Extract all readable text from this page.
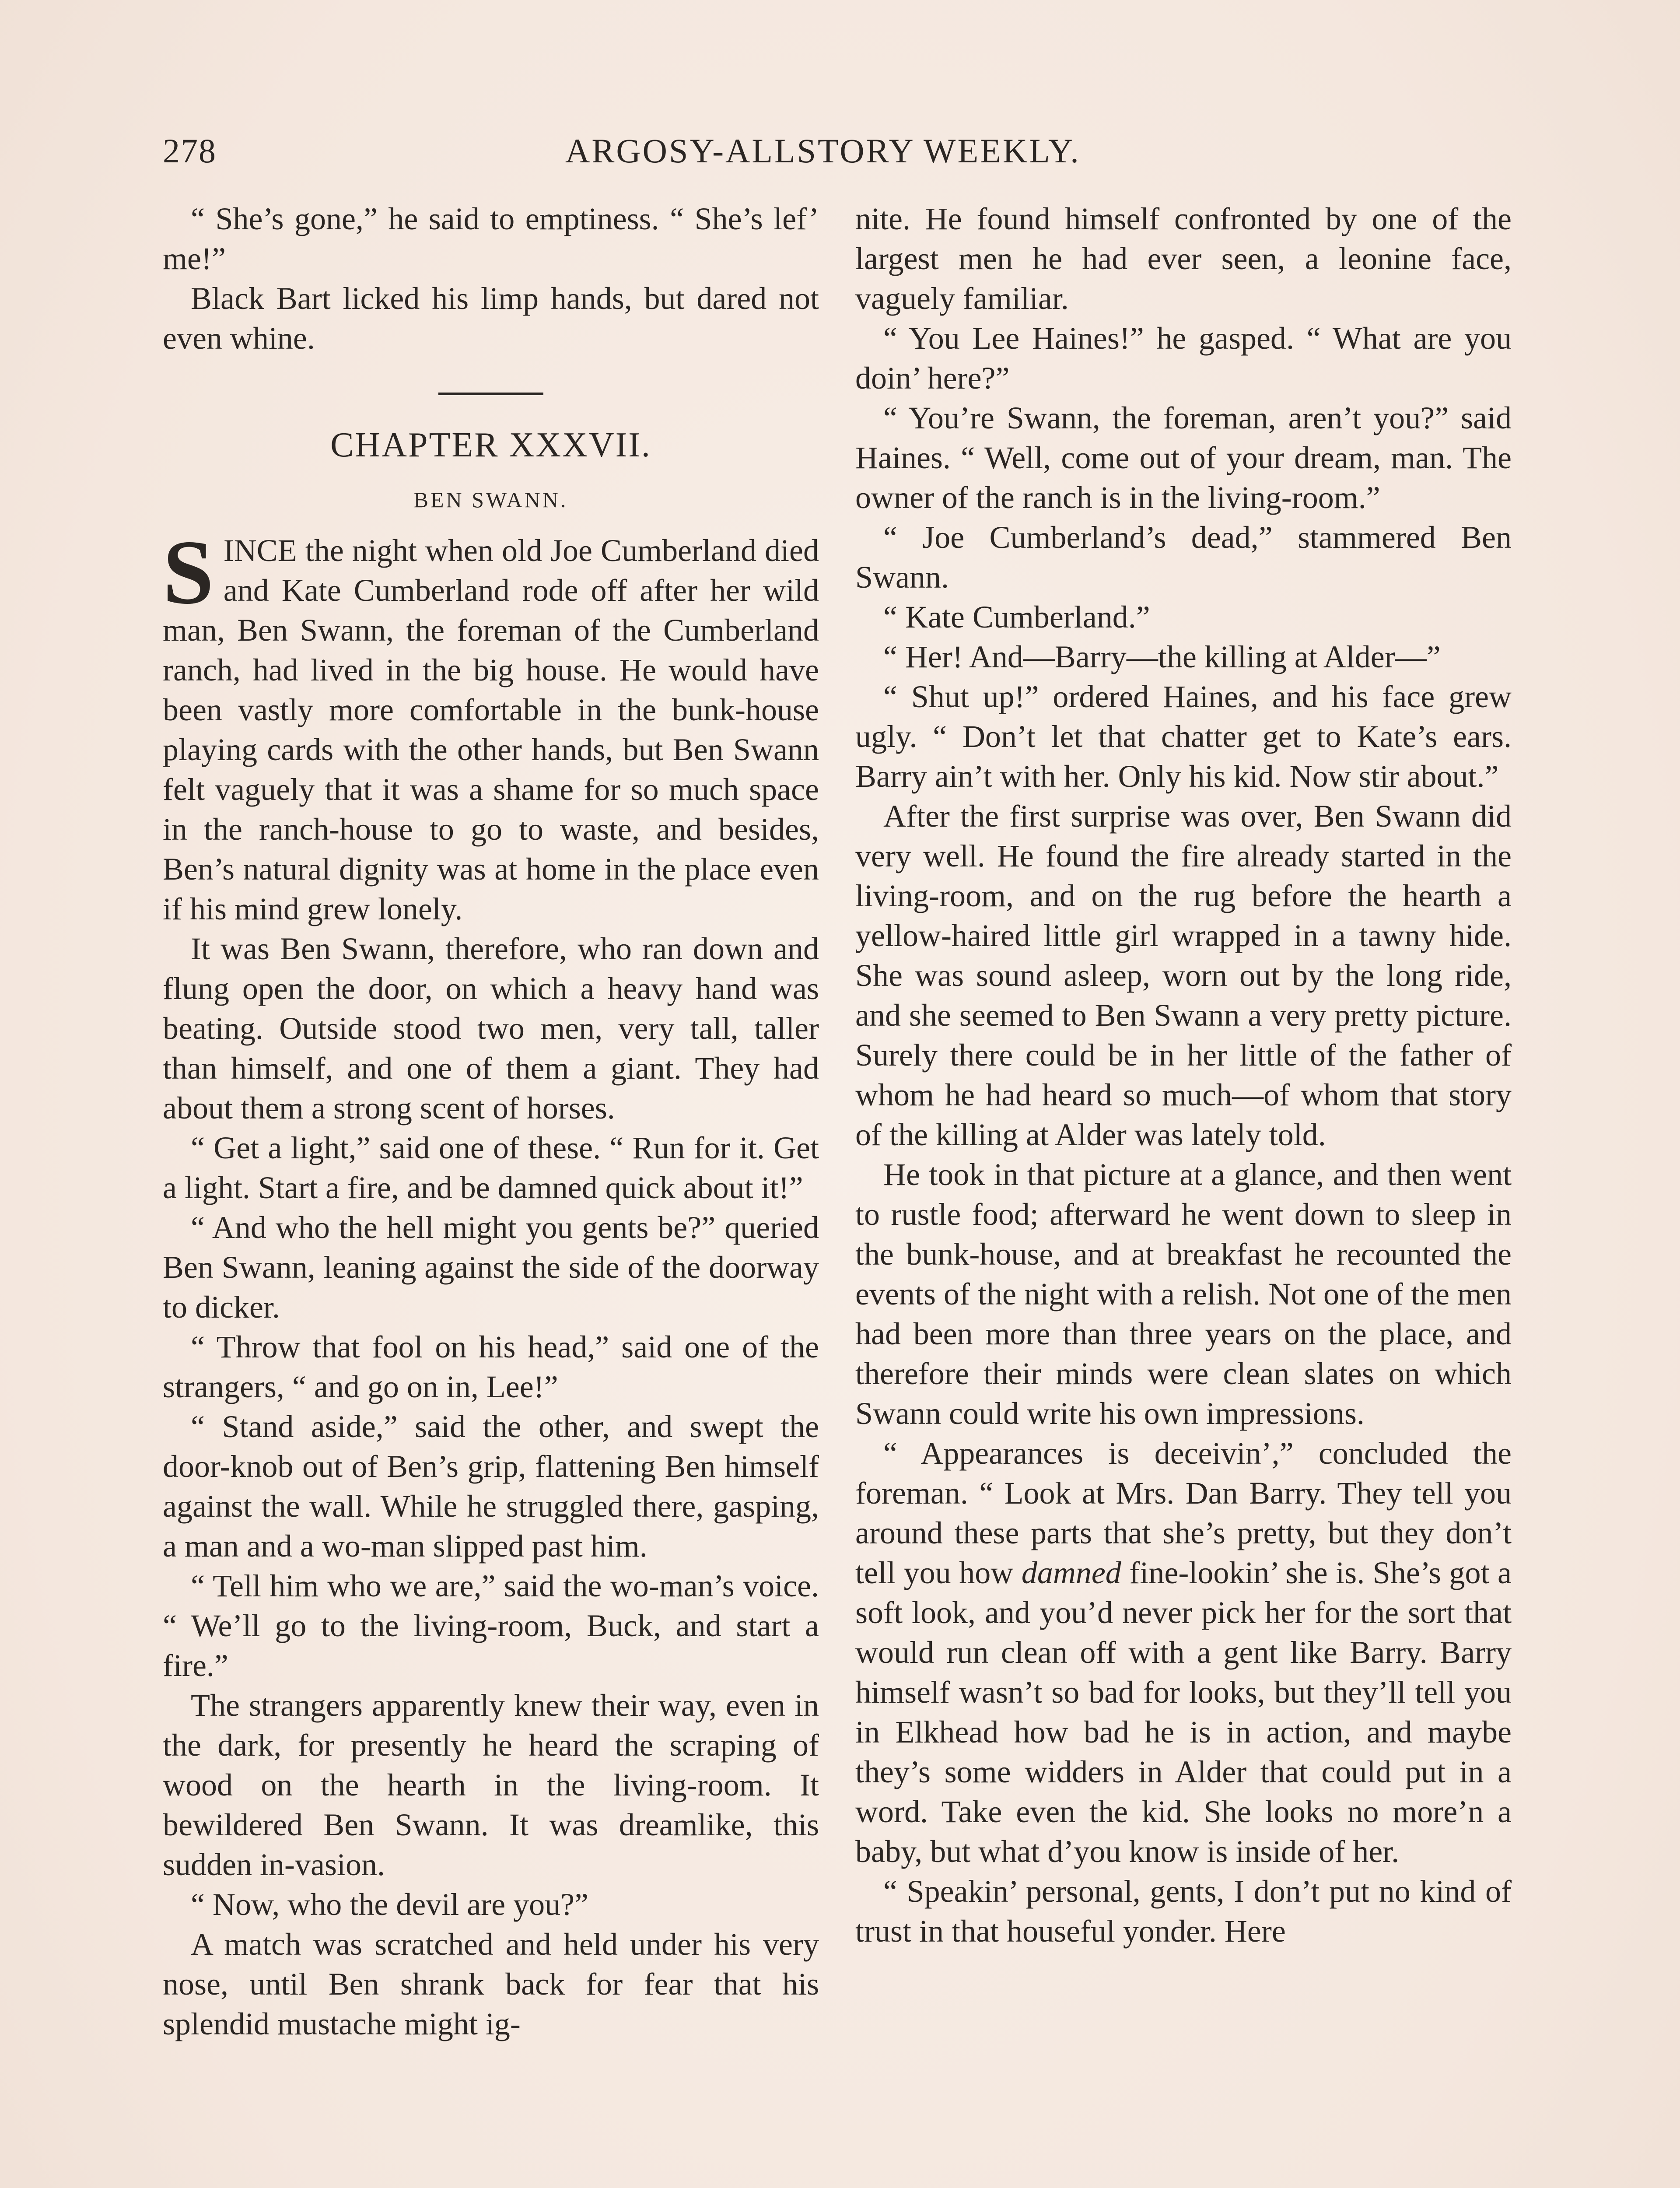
278	ARGOSY-ALLSTORY WEEKLY.

“ She’s gone,” he said to emptiness. “ She’s lef’ me!”

Black Bart licked his limp hands, but dared not even whine.

CHAPTER XXXVII.
BEN SWANN.

SINCE the night when old Joe Cumberland died and Kate Cumberland rode off after her wild man, Ben Swann, the foreman of the Cumberland ranch, had lived in the big house. He would have been vastly more comfortable in the bunk-house playing cards with the other hands, but Ben Swann felt vaguely that it was a shame for so much space in the ranch-house to go to waste, and besides, Ben’s natural dignity was at home in the place even if his mind grew lonely.

It was Ben Swann, therefore, who ran down and flung open the door, on which a heavy hand was beating. Outside stood two men, very tall, taller than himself, and one of them a giant. They had about them a strong scent of horses.

“ Get a light,” said one of these. “ Run for it. Get a light. Start a fire, and be damned quick about it!”

“ And who the hell might you gents be?” queried Ben Swann, leaning against the side of the doorway to dicker.

“ Throw that fool on his head,” said one of the strangers, “ and go on in, Lee!”

“ Stand aside,” said the other, and swept the door-knob out of Ben’s grip, flattening Ben himself against the wall. While he struggled there, gasping, a man and a wo-man slipped past him.

“ Tell him who we are,” said the wo-man’s voice. “ We’ll go to the living-room, Buck, and start a fire.”

The strangers apparently knew their way, even in the dark, for presently he heard the scraping of wood on the hearth in the living-room. It bewildered Ben Swann. It was dreamlike, this sudden in-vasion.

“ Now, who the devil are you?”

A match was scratched and held under his very nose, until Ben shrank back for fear that his splendid mustache might ig-

nite. He found himself confronted by one of the largest men he had ever seen, a leonine face, vaguely familiar.

“ You Lee Haines!” he gasped. “ What are you doin’ here?”

“ You’re Swann, the foreman, aren’t you?” said Haines. “ Well, come out of your dream, man. The owner of the ranch is in the living-room.”

“ Joe Cumberland’s dead,” stammered Ben Swann.

“ Kate Cumberland.”

“ Her! And—Barry—the killing at Alder—”

“ Shut up!” ordered Haines, and his face grew ugly. “ Don’t let that chatter get to Kate’s ears. Barry ain’t with her. Only his kid. Now stir about.”

After the first surprise was over, Ben Swann did very well. He found the fire already started in the living-room, and on the rug before the hearth a yellow-haired little girl wrapped in a tawny hide. She was sound asleep, worn out by the long ride, and she seemed to Ben Swann a very pretty picture. Surely there could be in her little of the father of whom he had heard so much—of whom that story of the killing at Alder was lately told.

He took in that picture at a glance, and then went to rustle food; afterward he went down to sleep in the bunk-house, and at breakfast he recounted the events of the night with a relish. Not one of the men had been more than three years on the place, and therefore their minds were clean slates on which Swann could write his own impressions.

“ Appearances is deceivin’,” concluded the foreman. “ Look at Mrs. Dan Barry. They tell you around these parts that she’s pretty, but they don’t tell you how damned fine-lookin’ she is. She’s got a soft look, and you’d never pick her for the sort that would run clean off with a gent like Barry. Barry himself wasn’t so bad for looks, but they’ll tell you in Elkhead how bad he is in action, and maybe they’s some widders in Alder that could put in a word. Take even the kid. She looks no more’n a baby, but what d’you know is inside of her.

“ Speakin’ personal, gents, I don’t put no kind of trust in that houseful yonder. Here
